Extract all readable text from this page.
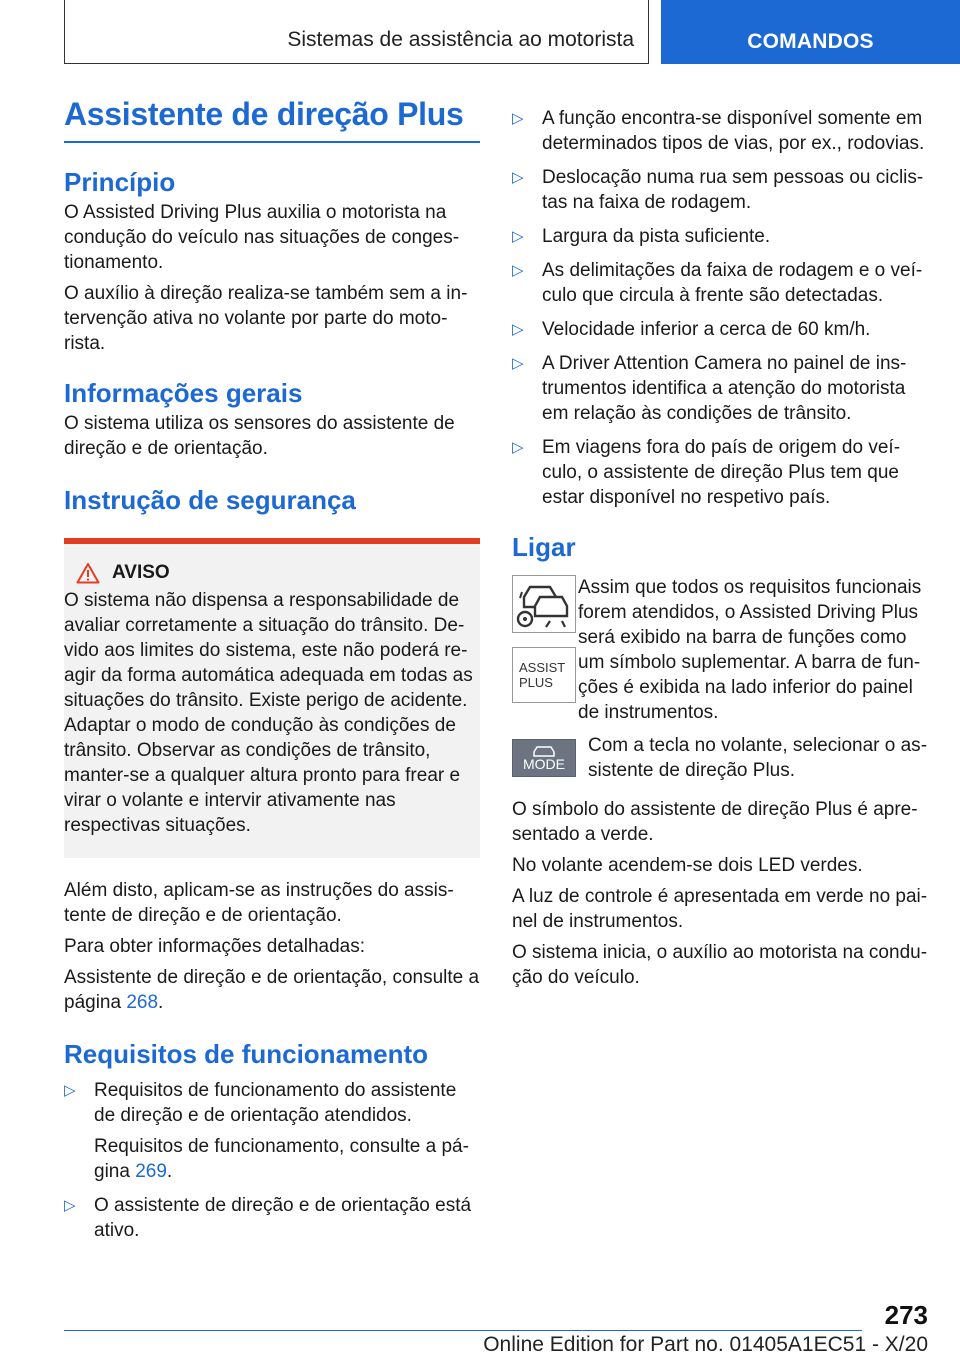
Sistemas de assistência ao motorista	COMANDOS
Assistente de direção Plus
Princípio

O Assisted Driving Plus auxilia o motorista na condução do veículo nas situações de congestionamento.

O auxílio à direção realiza-se também sem a intervenção ativa no volante por parte do motorista.

Informações gerais

O sistema utiliza os sensores do assistente de direção e de orientação.

Instrução de segurança
AVISO

O sistema não dispensa a responsabilidade de avaliar corretamente a situação do trânsito. Devido aos limites do sistema, este não poderá reagir da forma automática adequada em todas as situações do trânsito. Existe perigo de acidente. Adaptar o modo de condução às condições de trânsito. Observar as condições de trânsito, manter-se a qualquer altura pronto para frear e virar o volante e intervir ativamente nas respectivas situações.

Além disto, aplicam-se as instruções do assistente de direção e de orientação.

Para obter informações detalhadas:

Assistente de direção e de orientação, consulte a página 268.

Requisitos de funcionamento
▷ Requisitos de funcionamento do assistente de direção e de orientação atendidos.
Requisitos de funcionamento, consulte a página 269.
▷ O assistente de direção e de orientação está ativo.
▷ A função encontra-se disponível somente em determinados tipos de vias, por ex., rodovias.
▷ Deslocação numa rua sem pessoas ou ciclistas na faixa de rodagem.
▷ Largura da pista suficiente.
▷ As delimitações da faixa de rodagem e o veículo que circula à frente são detectadas.
▷ Velocidade inferior a cerca de 60 km/h.
▷ A Driver Attention Camera no painel de instrumentos identifica a atenção do motorista em relação às condições de trânsito.
▷ Em viagens fora do país de origem do veículo, o assistente de direção Plus tem que estar disponível no respetivo país.
Ligar
ASSIST
PLUS

Assim que todos os requisitos funcionais forem atendidos, o Assisted Driving Plus será exibido na barra de funções como um símbolo suplementar. A barra de funções é exibida na lado inferior do painel de instrumentos.

MODE

Com a tecla no volante, selecionar o assistente de direção Plus.

O símbolo do assistente de direção Plus é apresentado a verde.

No volante acendem-se dois LED verdes.

A luz de controle é apresentada em verde no painel de instrumentos.

O sistema inicia, o auxílio ao motorista na condução do veículo.

273
Online Edition for Part no. 01405A1EC51 - X/20
